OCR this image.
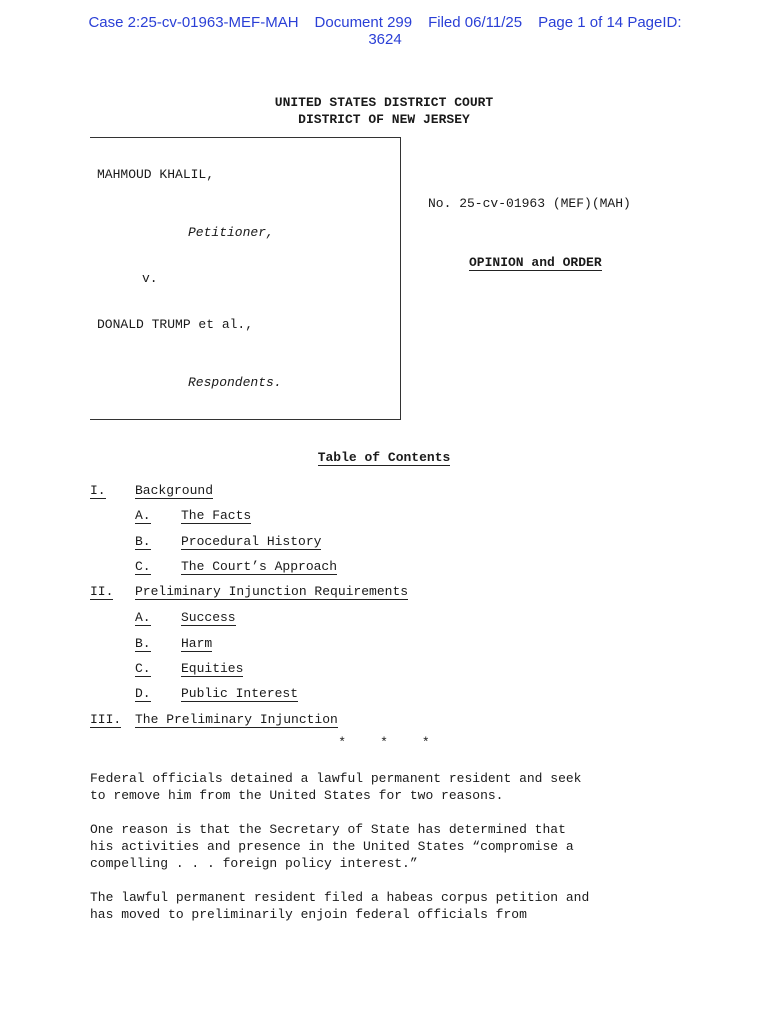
Case 2:25-cv-01963-MEF-MAH Document 299 Filed 06/11/25 Page 1 of 14 PageID:
3624
UNITED STATES DISTRICT COURT
DISTRICT OF NEW JERSEY
MAHMOUD KHALIL,
Petitioner,
v.
DONALD TRUMP et al.,
Respondents.
No. 25-cv-01963 (MEF)(MAH)
OPINION and ORDER
Table of Contents
I. Background
A. The Facts
B. Procedural History
C. The Court’s Approach
II. Preliminary Injunction Requirements
A. Success
B. Harm
C. Equities
D. Public Interest
III. The Preliminary Injunction
*	*	*
Federal officials detained a lawful permanent resident and seek
to remove him from the United States for two reasons.
One reason is that the Secretary of State has determined that
his activities and presence in the United States “compromise a
compelling . . . foreign policy interest.”
The lawful permanent resident filed a habeas corpus petition and
has moved to preliminarily enjoin federal officials from
